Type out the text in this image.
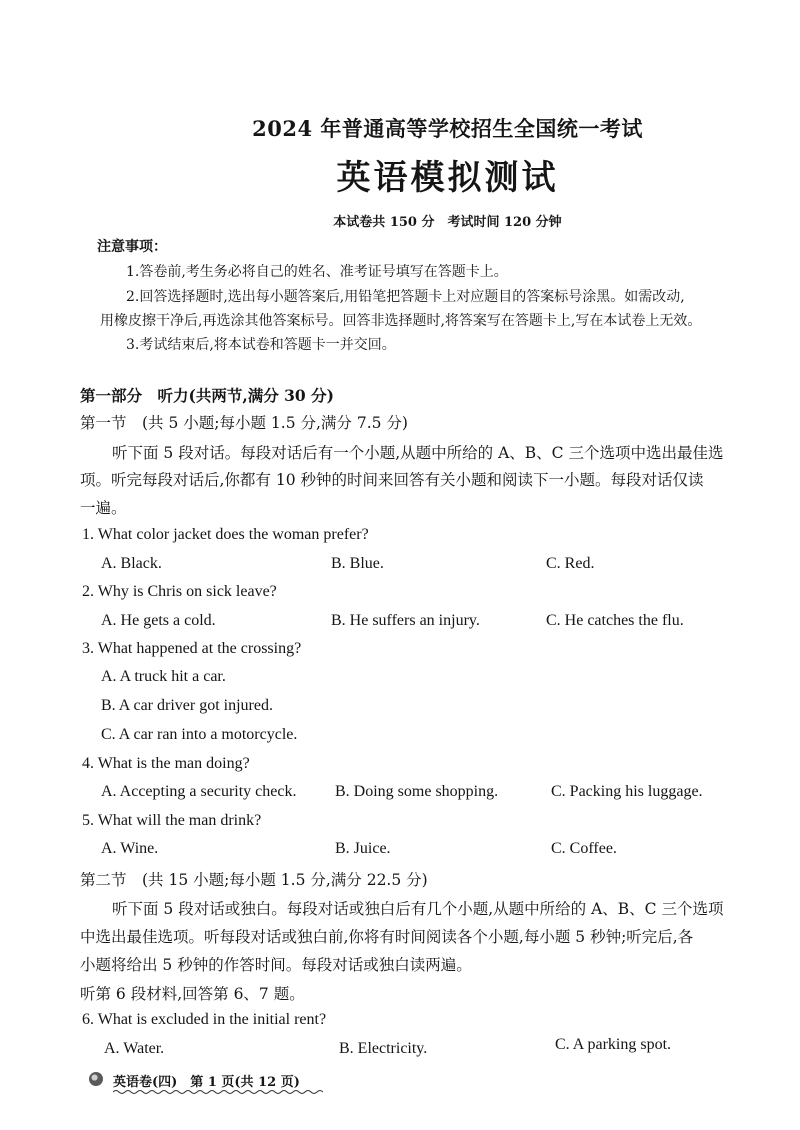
2024 年普通高等学校招生全国统一考试
英语模拟测试
本试卷共 150 分　考试时间 120 分钟
注意事项：
1.答卷前,考生务必将自己的姓名、准考证号填写在答题卡上。
2.回答选择题时,选出每小题答案后,用铅笔把答题卡上对应题目的答案标号涂黑。如需改动,
用橡皮擦干净后,再选涂其他答案标号。回答非选择题时,将答案写在答题卡上,写在本试卷上无效。
3.考试结束后,将本试卷和答题卡一并交回。
第一部分　听力(共两节,满分 30 分)
第一节　(共 5 小题;每小题 1.5 分,满分 7.5 分)
听下面 5 段对话。每段对话后有一个小题,从题中所给的 A、B、C 三个选项中选出最佳选
项。听完每段对话后,你都有 10 秒钟的时间来回答有关小题和阅读下一小题。每段对话仅读
一遍。
1. What color jacket does the woman prefer?
A. Black.	B. Blue.	C. Red.
2. Why is Chris on sick leave?
A. He gets a cold.	B. He suffers an injury.	C. He catches the flu.
3. What happened at the crossing?
A. A truck hit a car.
B. A car driver got injured.
C. A car ran into a motorcycle.
4. What is the man doing?
A. Accepting a security check. B. Doing some shopping.	C. Packing his luggage.
5. What will the man drink?
A. Wine.	B. Juice.	C. Coffee.
第二节　(共 15 小题;每小题 1.5 分,满分 22.5 分)
听下面 5 段对话或独白。每段对话或独白后有几个小题,从题中所给的 A、B、C 三个选项
中选出最佳选项。听每段对话或独白前,你将有时间阅读各个小题,每小题 5 秒钟;听完后,各
小题将给出 5 秒钟的作答时间。每段对话或独白读两遍。
听第 6 段材料,回答第 6、7 题。
6. What is excluded in the initial rent?
A. Water.	B. Electricity.	C. A parking spot.
英语卷(四)　第 1 页(共 12 页)
